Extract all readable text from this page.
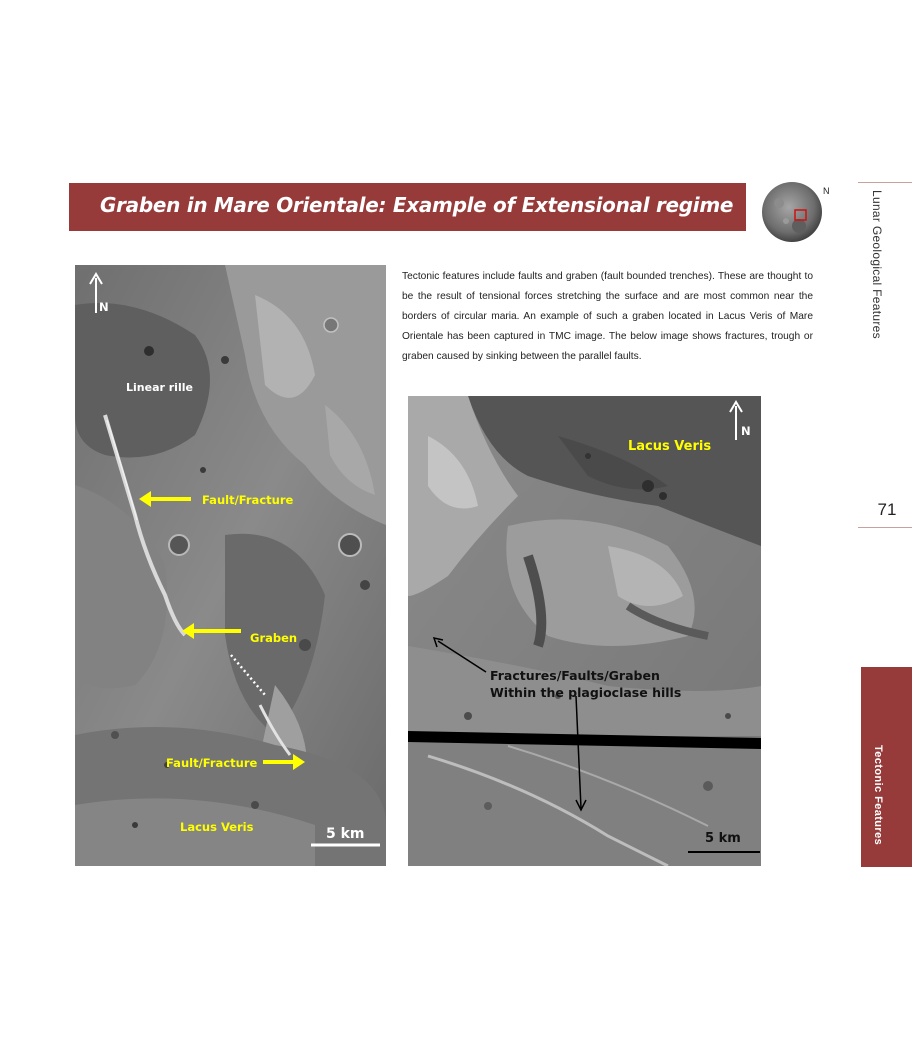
Graben in Mare Orientale: Example of Extensional regime
N	Lunar Geological Features
71
Tectonic Features
Tectonic features include faults and graben (fault bounded trenches). These are thought to be the result of tensional forces stretching the surface and are most common near the borders of circular maria. An example of such a graben located in Lacus Veris of Mare Orientale has been captured in TMC image. The below image shows fractures, trough or graben caused by sinking between the parallel faults.
N
Linear rille
Fault/Fracture
Graben
Fault/Fracture
Lacus Veris	5 km
N
Lacus Veris
Fractures/Faults/Graben
Within the plagioclase hills
5 km
